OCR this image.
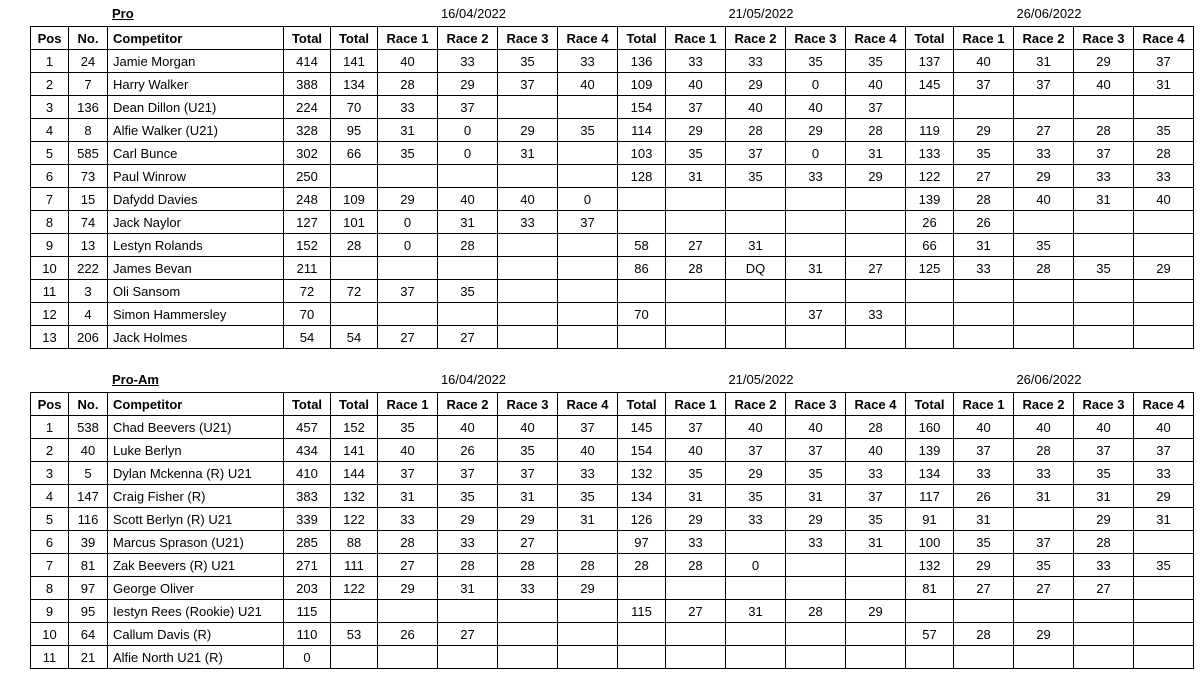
Pro	16/04/2022	21/05/2022	26/06/2022
Pos	No.	Competitor	Total	Total	Race 1	Race 2	Race 3	Race 4	Total	Race 1	Race 2	Race 3	Race 4	Total	Race 1	Race 2	Race 3	Race 4
1	24	Jamie Morgan	414	141	40	33	35	33	136	33	33	35	35	137	40	31	29	37
2	7	Harry Walker	388	134	28	29	37	40	109	40	29	0	40	145	37	37	40	31
3	136	Dean Dillon (U21)	224	70	33	37			154	37	40	40	37					
4	8	Alfie Walker (U21)	328	95	31	0	29	35	114	29	28	29	28	119	29	27	28	35
5	585	Carl Bunce	302	66	35	0	31		103	35	37	0	31	133	35	33	37	28
6	73	Paul Winrow	250						128	31	35	33	29	122	27	29	33	33
7	15	Dafydd Davies	248	109	29	40	40	0						139	28	40	31	40
8	74	Jack Naylor	127	101	0	31	33	37						26	26			
9	13	Lestyn Rolands	152	28	0	28			58	27	31			66	31	35		
10	222	James Bevan	211						86	28	DQ	31	27	125	33	28	35	29
11	3	Oli Sansom	72	72	37	35												
12	4	Simon Hammersley	70						70			37	33					
13	206	Jack Holmes	54	54	27	27												
Pro-Am	16/04/2022	21/05/2022	26/06/2022
Pos	No.	Competitor	Total	Total	Race 1	Race 2	Race 3	Race 4	Total	Race 1	Race 2	Race 3	Race 4	Total	Race 1	Race 2	Race 3	Race 4
1	538	Chad Beevers (U21)	457	152	35	40	40	37	145	37	40	40	28	160	40	40	40	40
2	40	Luke Berlyn	434	141	40	26	35	40	154	40	37	37	40	139	37	28	37	37
3	5	Dylan Mckenna (R) U21	410	144	37	37	37	33	132	35	29	35	33	134	33	33	35	33
4	147	Craig Fisher (R)	383	132	31	35	31	35	134	31	35	31	37	117	26	31	31	29
5	116	Scott Berlyn (R) U21	339	122	33	29	29	31	126	29	33	29	35	91	31		29	31
6	39	Marcus Sprason (U21)	285	88	28	33	27		97	33		33	31	100	35	37	28	
7	81	Zak Beevers (R) U21	271	111	27	28	28	28	28	28	0			132	29	35	33	35
8	97	George Oliver	203	122	29	31	33	29						81	27	27	27	
9	95	Iestyn Rees (Rookie) U21	115						115	27	31	28	29					
10	64	Callum Davis (R)	110	53	26	27								57	28	29		
11	21	Alfie North U21 (R)	0															
